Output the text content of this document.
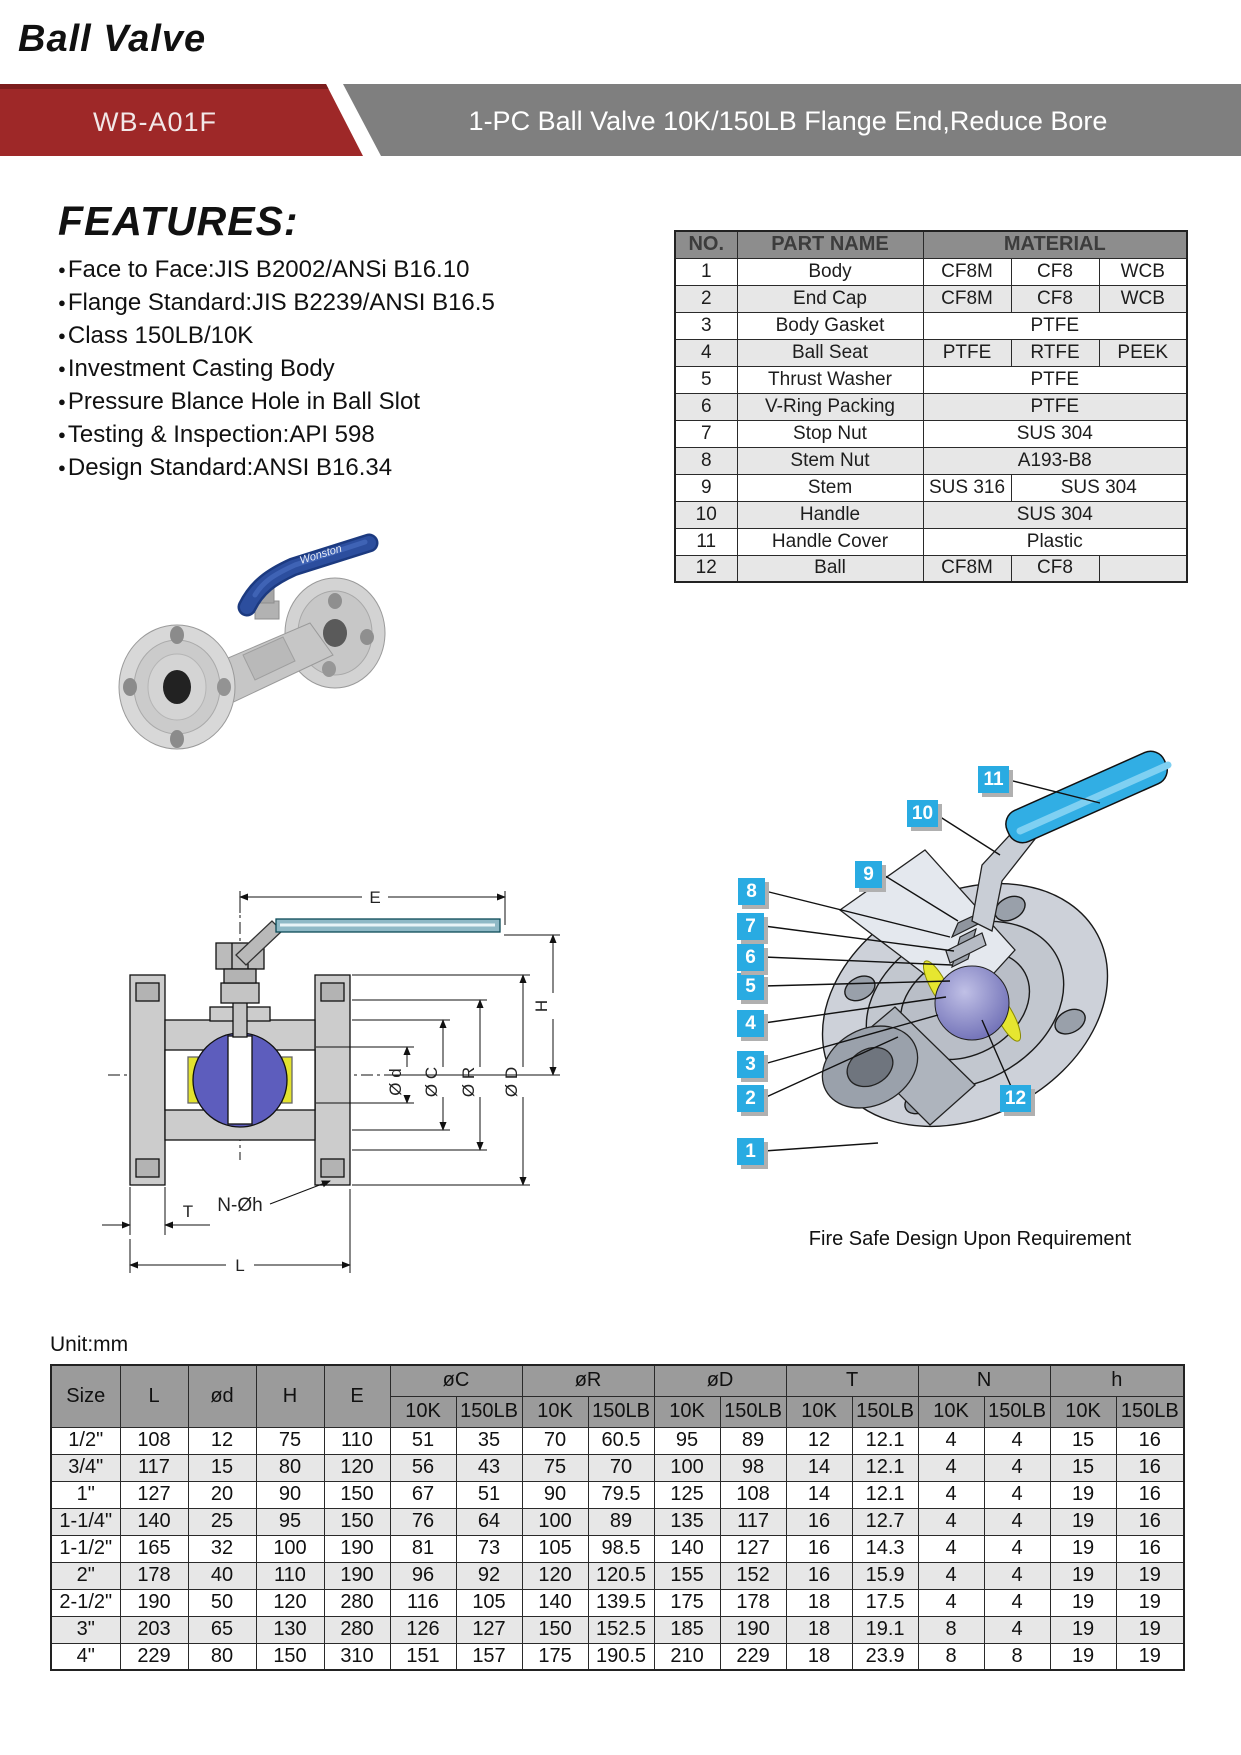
Ball Valve
WB-A01F	1-PC Ball Valve 10K/150LB Flange End,Reduce Bore
FEATURES:
● Face to Face:JIS B2002/ANSi B16.10
● Flange Standard:JIS B2239/ANSI B16.5
● Class 150LB/10K
● Investment Casting Body
● Pressure Blance Hole in Ball Slot
● Testing & Inspection:API 598
● Design Standard:ANSI B16.34
NO.	PART NAME	MATERIAL		
1	Body	CF8M	CF8	WCB
2	End Cap	CF8M	CF8	WCB
3	Body Gasket	PTFE		
4	Ball Seat	PTFE	RTFE	PEEK
5	Thrust Washer	PTFE		
6	V-Ring Packing	PTFE		
7	Stop Nut	SUS 304		
8	Stem Nut	A193-B8		
9	Stem	SUS 316	SUS 304	
10	Handle	SUS 304		
11	Handle Cover	Plastic		
12	Ball	CF8M	CF8	
Wonston
E
H
Ø D
Ø R
Ø C
Ø d
T
L
N-Øh
1
2
3
4
5
6
7
8
9
10
11
12
Fire Safe Design Upon Requirement
Unit:mm
Size	L	ød	H	E	øC		øR		øD		T		N		h	
					10K	150LB	10K	150LB	10K	150LB	10K	150LB	10K	150LB	10K	150LB
1/2"	108	12	75	110	51	35	70	60.5	95	89	12	12.1	4	4	15	16
3/4"	117	15	80	120	56	43	75	70	100	98	14	12.1	4	4	15	16
1"	127	20	90	150	67	51	90	79.5	125	108	14	12.1	4	4	19	16
1-1/4"	140	25	95	150	76	64	100	89	135	117	16	12.7	4	4	19	16
1-1/2"	165	32	100	190	81	73	105	98.5	140	127	16	14.3	4	4	19	16
2"	178	40	110	190	96	92	120	120.5	155	152	16	15.9	4	4	19	19
2-1/2"	190	50	120	280	116	105	140	139.5	175	178	18	17.5	4	4	19	19
3"	203	65	130	280	126	127	150	152.5	185	190	18	19.1	8	4	19	19
4"	229	80	150	310	151	157	175	190.5	210	229	18	23.9	8	8	19	19
